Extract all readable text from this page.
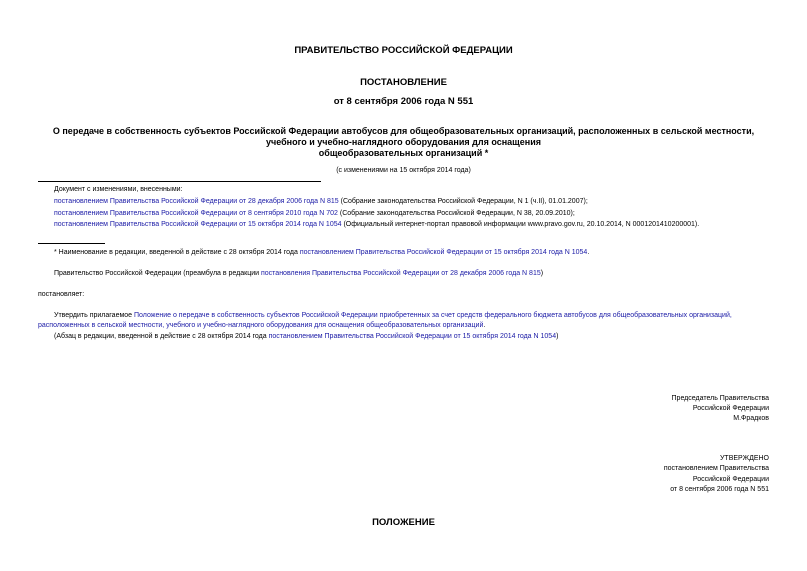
ПРАВИТЕЛЬСТВО РОССИЙСКОЙ ФЕДЕРАЦИИ
ПОСТАНОВЛЕНИЕ
от 8 сентября 2006 года N 551
О передаче в собственность субъектов Российской Федерации автобусов для общеобразовательных организаций, расположенных в сельской местности,
учебного и учебно-наглядного оборудования для оснащения
общеобразовательных организаций *
(с изменениями на 15 октября 2014 года)
Документ с изменениями, внесенными:
постановлением Правительства Российской Федерации от 28 декабря 2006 года N 815 (Собрание законодательства Российской Федерации, N 1 (ч.II), 01.01.2007);
постановлением Правительства Российской Федерации от 8 сентября 2010 года N 702 (Собрание законодательства Российской Федерации, N 38, 20.09.2010);
постановлением Правительства Российской Федерации от 15 октября 2014 года N 1054 (Официальный интернет-портал правовой информации www.pravo.gov.ru, 20.10.2014, N 0001201410200001).
* Наименование в редакции, введенной в действие с 28 октября 2014 года постановлением Правительства Российской Федерации от 15 октября 2014 года N 1054.
Правительство Российской Федерации (преамбула в редакции постановления Правительства Российской Федерации от 28 декабря 2006 года N 815)
постановляет:
Утвердить прилагаемое Положение о передаче в собственность субъектов Российской Федерации приобретенных за счет средств федерального бюджета автобусов для общеобразовательных организаций, расположенных в сельской местности, учебного и учебно-наглядного оборудования для оснащения общеобразовательных организаций.
(Абзац в редакции, введенной в действие с 28 октября 2014 года постановлением Правительства Российской Федерации от 15 октября 2014 года N 1054)
Председатель Правительства
Российской Федерации
М.Фрадков
УТВЕРЖДЕНО
постановлением Правительства
Российской Федерации
от 8 сентября 2006 года N 551
ПОЛОЖЕНИЕ
